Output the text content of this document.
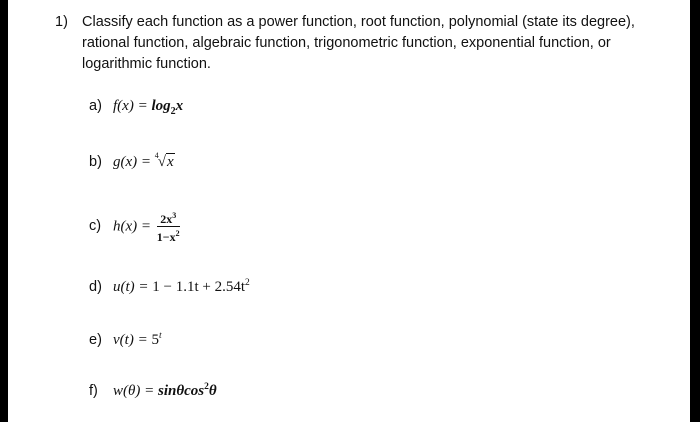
1) Classify each function as a power function, root function, polynomial (state its degree), rational function, algebraic function, trigonometric function, exponential function, or logarithmic function.
a) $f(x) = \log_2x$
b) g(x) = 4 √x
c) $h(x) = \frac{2x^3}{1-x^2}$
d) $u(t) = 1 - 1.1t + 2.54t^2$
e) $v(t) = 5^t$
f) w(θ) = sinθcos$^2$θ
